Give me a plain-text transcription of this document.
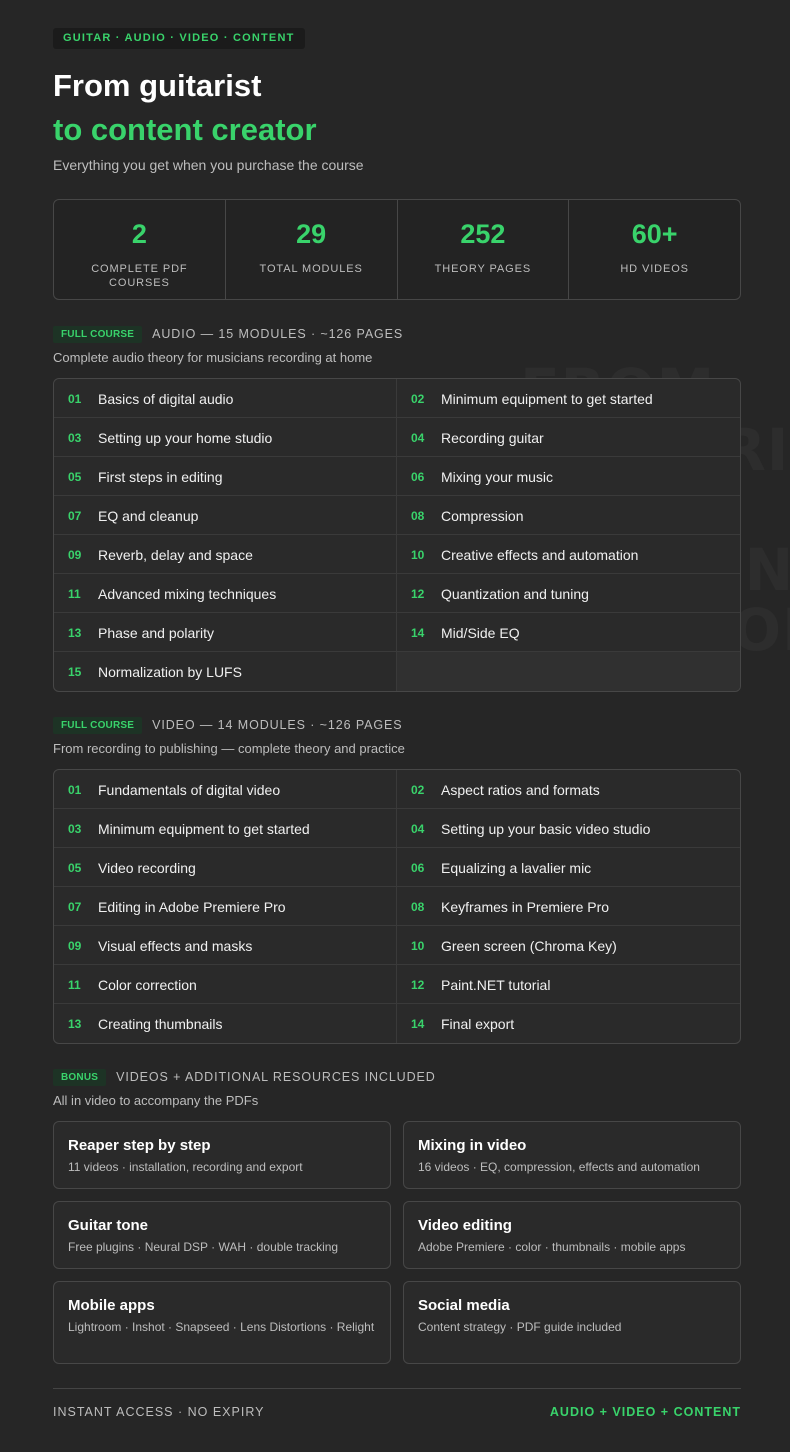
GUITAR · AUDIO · VIDEO · CONTENT
From guitarist
to content creator
Everything you get when you purchase the course
2
COMPLETE PDF COURSES
29
TOTAL MODULES
252
THEORY PAGES
60+
HD VIDEOS
FULL COURSE	AUDIO — 15 MODULES · ~126 PAGES
Complete audio theory for musicians recording at home
01	Basics of digital audio	02	Minimum equipment to get started
03	Setting up your home studio	04	Recording guitar
05	First steps in editing	06	Mixing your music
07	EQ and cleanup	08	Compression
09	Reverb, delay and space	10	Creative effects and automation
11	Advanced mixing techniques	12	Quantization and tuning
13	Phase and polarity	14	Mid/Side EQ
15	Normalization by LUFS
FULL COURSE	VIDEO — 14 MODULES · ~126 PAGES
From recording to publishing — complete theory and practice
01	Fundamentals of digital video	02	Aspect ratios and formats
03	Minimum equipment to get started	04	Setting up your basic video studio
05	Video recording	06	Equalizing a lavalier mic
07	Editing in Adobe Premiere Pro	08	Keyframes in Premiere Pro
09	Visual effects and masks	10	Green screen (Chroma Key)
11	Color correction	12	Paint.NET tutorial
13	Creating thumbnails	14	Final export
BONUS	VIDEOS + ADDITIONAL RESOURCES INCLUDED
All in video to accompany the PDFs
Reaper step by step
11 videos · installation, recording and export
Mixing in video
16 videos · EQ, compression, effects and automation
Guitar tone
Free plugins · Neural DSP · WAH · double tracking
Video editing
Adobe Premiere · color · thumbnails · mobile apps
Mobile apps
Lightroom · Inshot · Snapseed · Lens Distortions · Relight
Social media
Content strategy · PDF guide included
INSTANT ACCESS · NO EXPIRY	AUDIO + VIDEO + CONTENT
